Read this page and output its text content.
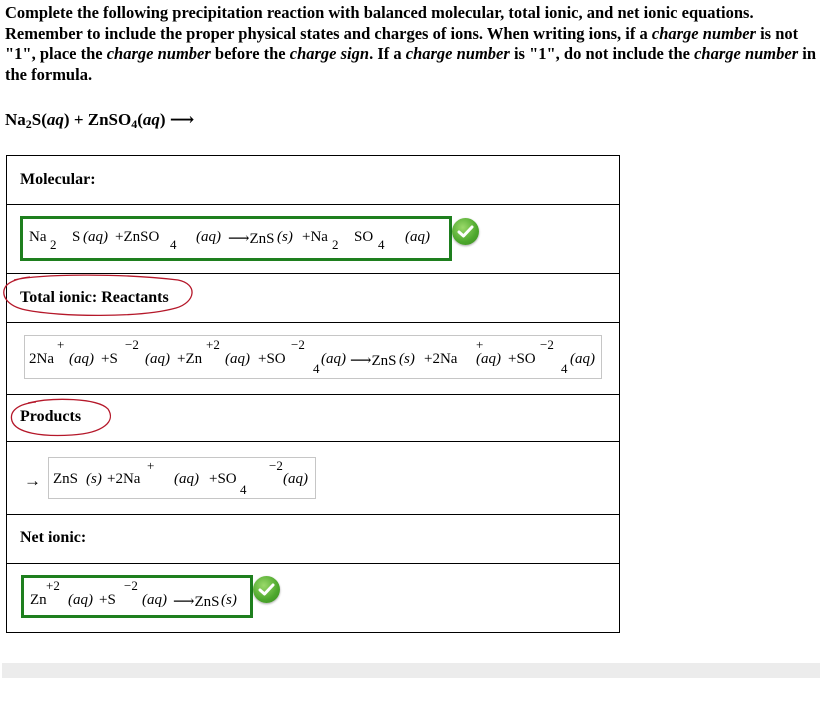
Complete the following precipitation reaction with balanced molecular, total ionic, and net ionic equations. Remember to include the proper physical states and charges of ions. When writing ions, if a charge number is not "1", place the charge number before the charge sign. If a charge number is "1", do not include the charge number in the formula.
$Na_2S(aq)$ + ZnSO$_4$(aq) ⟶
Molecular:
Na 2 S (aq) +ZnSO 4 (aq) ⟶ZnS (s) +Na 2 SO 4 (aq)
Total ionic: Reactants
+	−2	+2	−2	+	−2
2Na (aq) +S (aq) +Zn (aq) +SO
4
(aq) ⟶ZnS (s) +2Na (aq) +SO
4
(aq)
Products
→
+	−2
ZnS (s) +2Na (aq) +SO
4
(aq)
Net ionic:
+2	−2
Zn (aq) +S (aq) ⟶ZnS (s)
